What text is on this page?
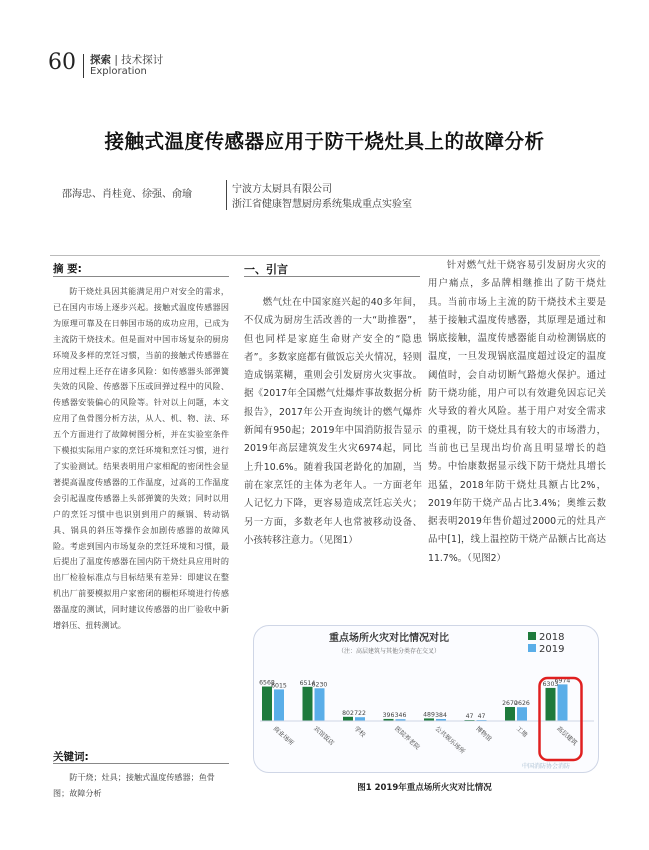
60 探索 | 技术探讨
Exploration
接触式温度传感器应用于防干烧灶具上的故障分析
邵海忠、肖桂竟、徐强、俞瑜	宁波方太厨具有限公司
浙江省健康智慧厨房系统集成重点实验室
摘 要:
防干烧灶具因其能满足用户对安全的需求，已在国内市场上逐步兴起。接触式温度传感器因为原理可靠及在日韩国市场的成功应用，已成为主流防干烧技术。但是面对中国市场复杂的厨房环境及多样的烹饪习惯，当前的接触式传感器在应用过程上还存在诸多风险：如传感器头部弹簧失效的风险、传感器下压或回弹过程中的风险、传感器安装偏心的风险等。针对以上问题，本文应用了鱼骨图分析方法，从人、机、物、法、环五个方面进行了故障树图分析，并在实验室条件下模拟实际用户家的烹饪环境和烹饪习惯，进行了实验测试。结果表明用户家相配的密闭性会显著提高温度传感器的工作温度，过高的工作温度会引起温度传感器上头部弹簧的失效；同时以用户的烹饪习惯中也识别到用户的颠锅、转动锅具、锅具的斜压等操作会加剧传感器的故障风险。考虑到国内市场复杂的烹饪环境和习惯，最后提出了温度传感器在国内防干烧灶具应用时的出厂检验标准点与目标结果有差异：即建议在整机出厂前要模拟用户家密闭的橱柜环境进行传感器温度的测试，同时建议传感器的出厂验收中新增斜压、扭转测试。
关键词:
防干烧；灶具；接触式温度传感器；鱼骨图；故障分析
一、引言
燃气灶在中国家庭兴起的40多年间，不仅成为厨房生活改善的一大“助推器”，但也同样是家庭生命财产安全的“隐患者”。多数家庭都有做饭忘关火情况，轻则造成锅菜糊，重则会引发厨房火灾事故。据《2017年全国燃气灶爆炸事故数据分析报告》，2017年公开查询统计的燃气爆炸新闻有950起；2019年中国消防报告显示2019年高层建筑发生火灾6974起，同比上升10.6%。随着我国老龄化的加剧，当前在家烹饪的主体为老年人。一方面老年人记忆力下降，更容易造成烹饪忘关火；另一方面，多数老年人也常被移动设备、小孩转移注意力。（见图1）
针对燃气灶干烧容易引发厨房火灾的用户痛点，多品牌相继推出了防干烧灶具。当前市场上主流的防干烧技术主要是基于接触式温度传感器，其原理是通过和锅底接触，温度传感器能自动检测锅底的温度，一旦发现锅底温度超过设定的温度阈值时，会自动切断气路熄火保护。通过防干烧功能，用户可以有效避免因忘记关火导致的着火风险。基于用户对安全需求的重视，防干烧灶具有较大的市场潜力，当前也已呈现出均价高且明显增长的趋势。中怡康数据显示线下防干烧灶具增长迅猛，2018年防干烧灶具额占比2%，2019年防干烧产品占比3.4%；奥维云数据表明2019年售价超过2000元的灶具产品中[1]，线上温控防干烧产品额占比高达11.7%。（见图2）
重点场所火灾对比情况对比
（注：高层建筑与其他分类存在交叉）
2018
2019
6568
6015 6514
6230
802 722	396 346	489 384	47 47
2670
2626
6303
6974
商业场所	宾馆饭店	学校	医院养老院 公共娱乐场所 博物馆	工地	高层建筑
中国消防协会消防
图1 2019年重点场所火灾对比情况
